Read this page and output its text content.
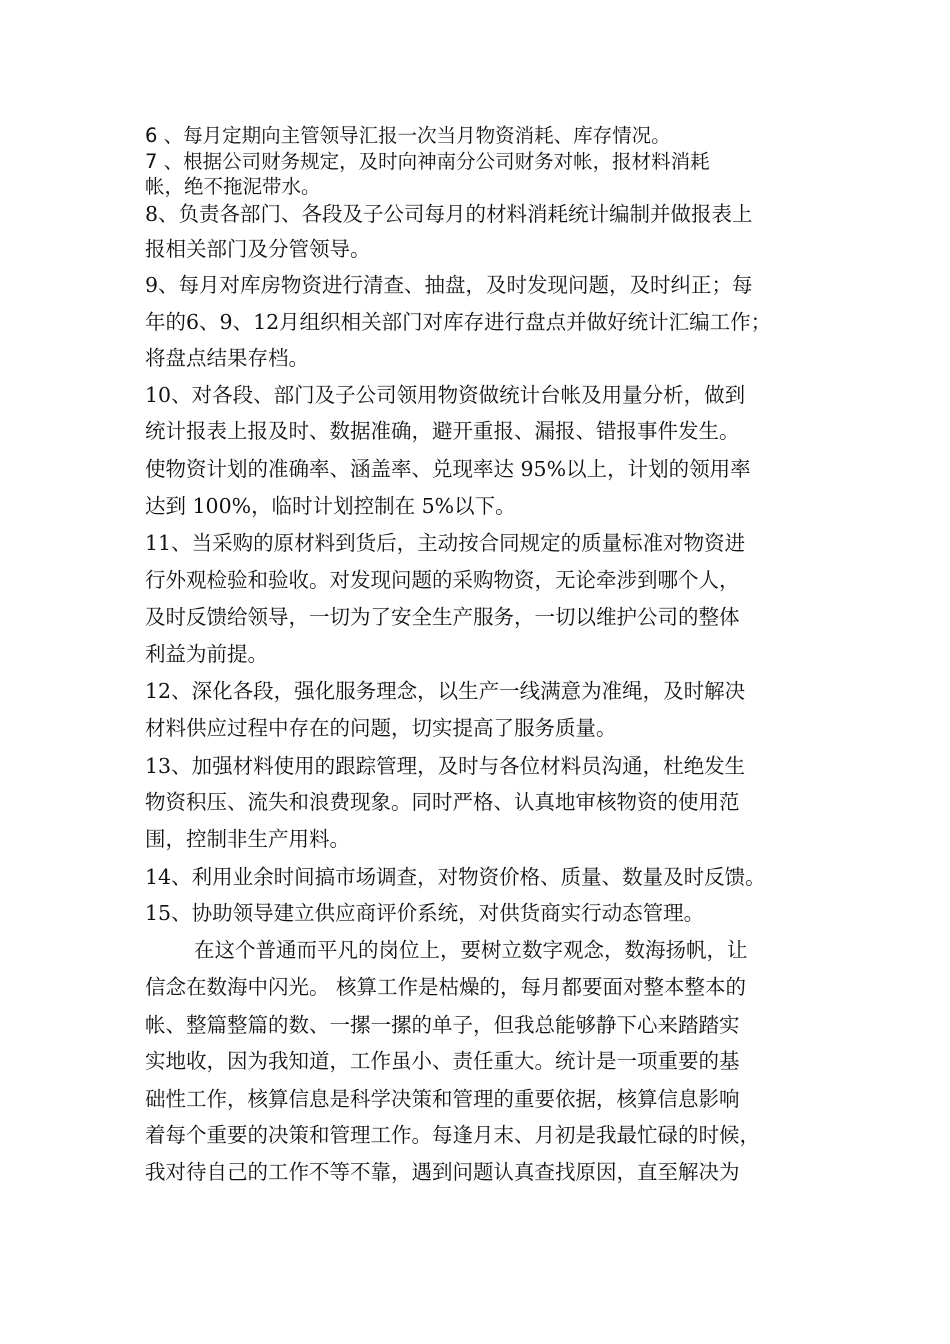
6 、每月定期向主管领导汇报一次当月物资消耗、库存情况。
7 、根据公司财务规定，及时向神南分公司财务对帐，报材料消耗
帐，绝不拖泥带水。
8、负责各部门、各段及子公司每月的材料消耗统计编制并做报表上
报相关部门及分管领导。
9、每月对库房物资进行清查、抽盘，及时发现问题，及时纠正；每
年的6、9、12月组织相关部门对库存进行盘点并做好统计汇编工作；
将盘点结果存档。
10、对各段、部门及子公司领用物资做统计台帐及用量分析，做到
统计报表上报及时、数据准确，避开重报、漏报、错报事件发生。
使物资计划的准确率、涵盖率、兑现率达 95%以上，计划的领用率
达到 100%，临时计划控制在 5%以下。
11、当采购的原材料到货后，主动按合同规定的质量标准对物资进
行外观检验和验收。对发现问题的采购物资，无论牵涉到哪个人，
及时反馈给领导，一切为了安全生产服务，一切以维护公司的整体
利益为前提。
12、深化各段，强化服务理念，以生产一线满意为准绳，及时解决
材料供应过程中存在的问题，切实提高了服务质量。
13、加强材料使用的跟踪管理，及时与各位材料员沟通，杜绝发生
物资积压、流失和浪费现象。同时严格、认真地审核物资的使用范
围，控制非生产用料。
14、利用业余时间搞市场调查，对物资价格、质量、数量及时反馈。
15、协助领导建立供应商评价系统，对供货商实行动态管理。
在这个普通而平凡的岗位上，要树立数字观念，数海扬帆，让
信念在数海中闪光。 核算工作是枯燥的，每月都要面对整本整本的
帐、整篇整篇的数、一摞一摞的单子，但我总能够静下心来踏踏实
实地收，因为我知道，工作虽小、责任重大。统计是一项重要的基
础性工作，核算信息是科学决策和管理的重要依据，核算信息影响
着每个重要的决策和管理工作。每逢月末、月初是我最忙碌的时候，
我对待自己的工作不等不靠，遇到问题认真查找原因，直至解决为
